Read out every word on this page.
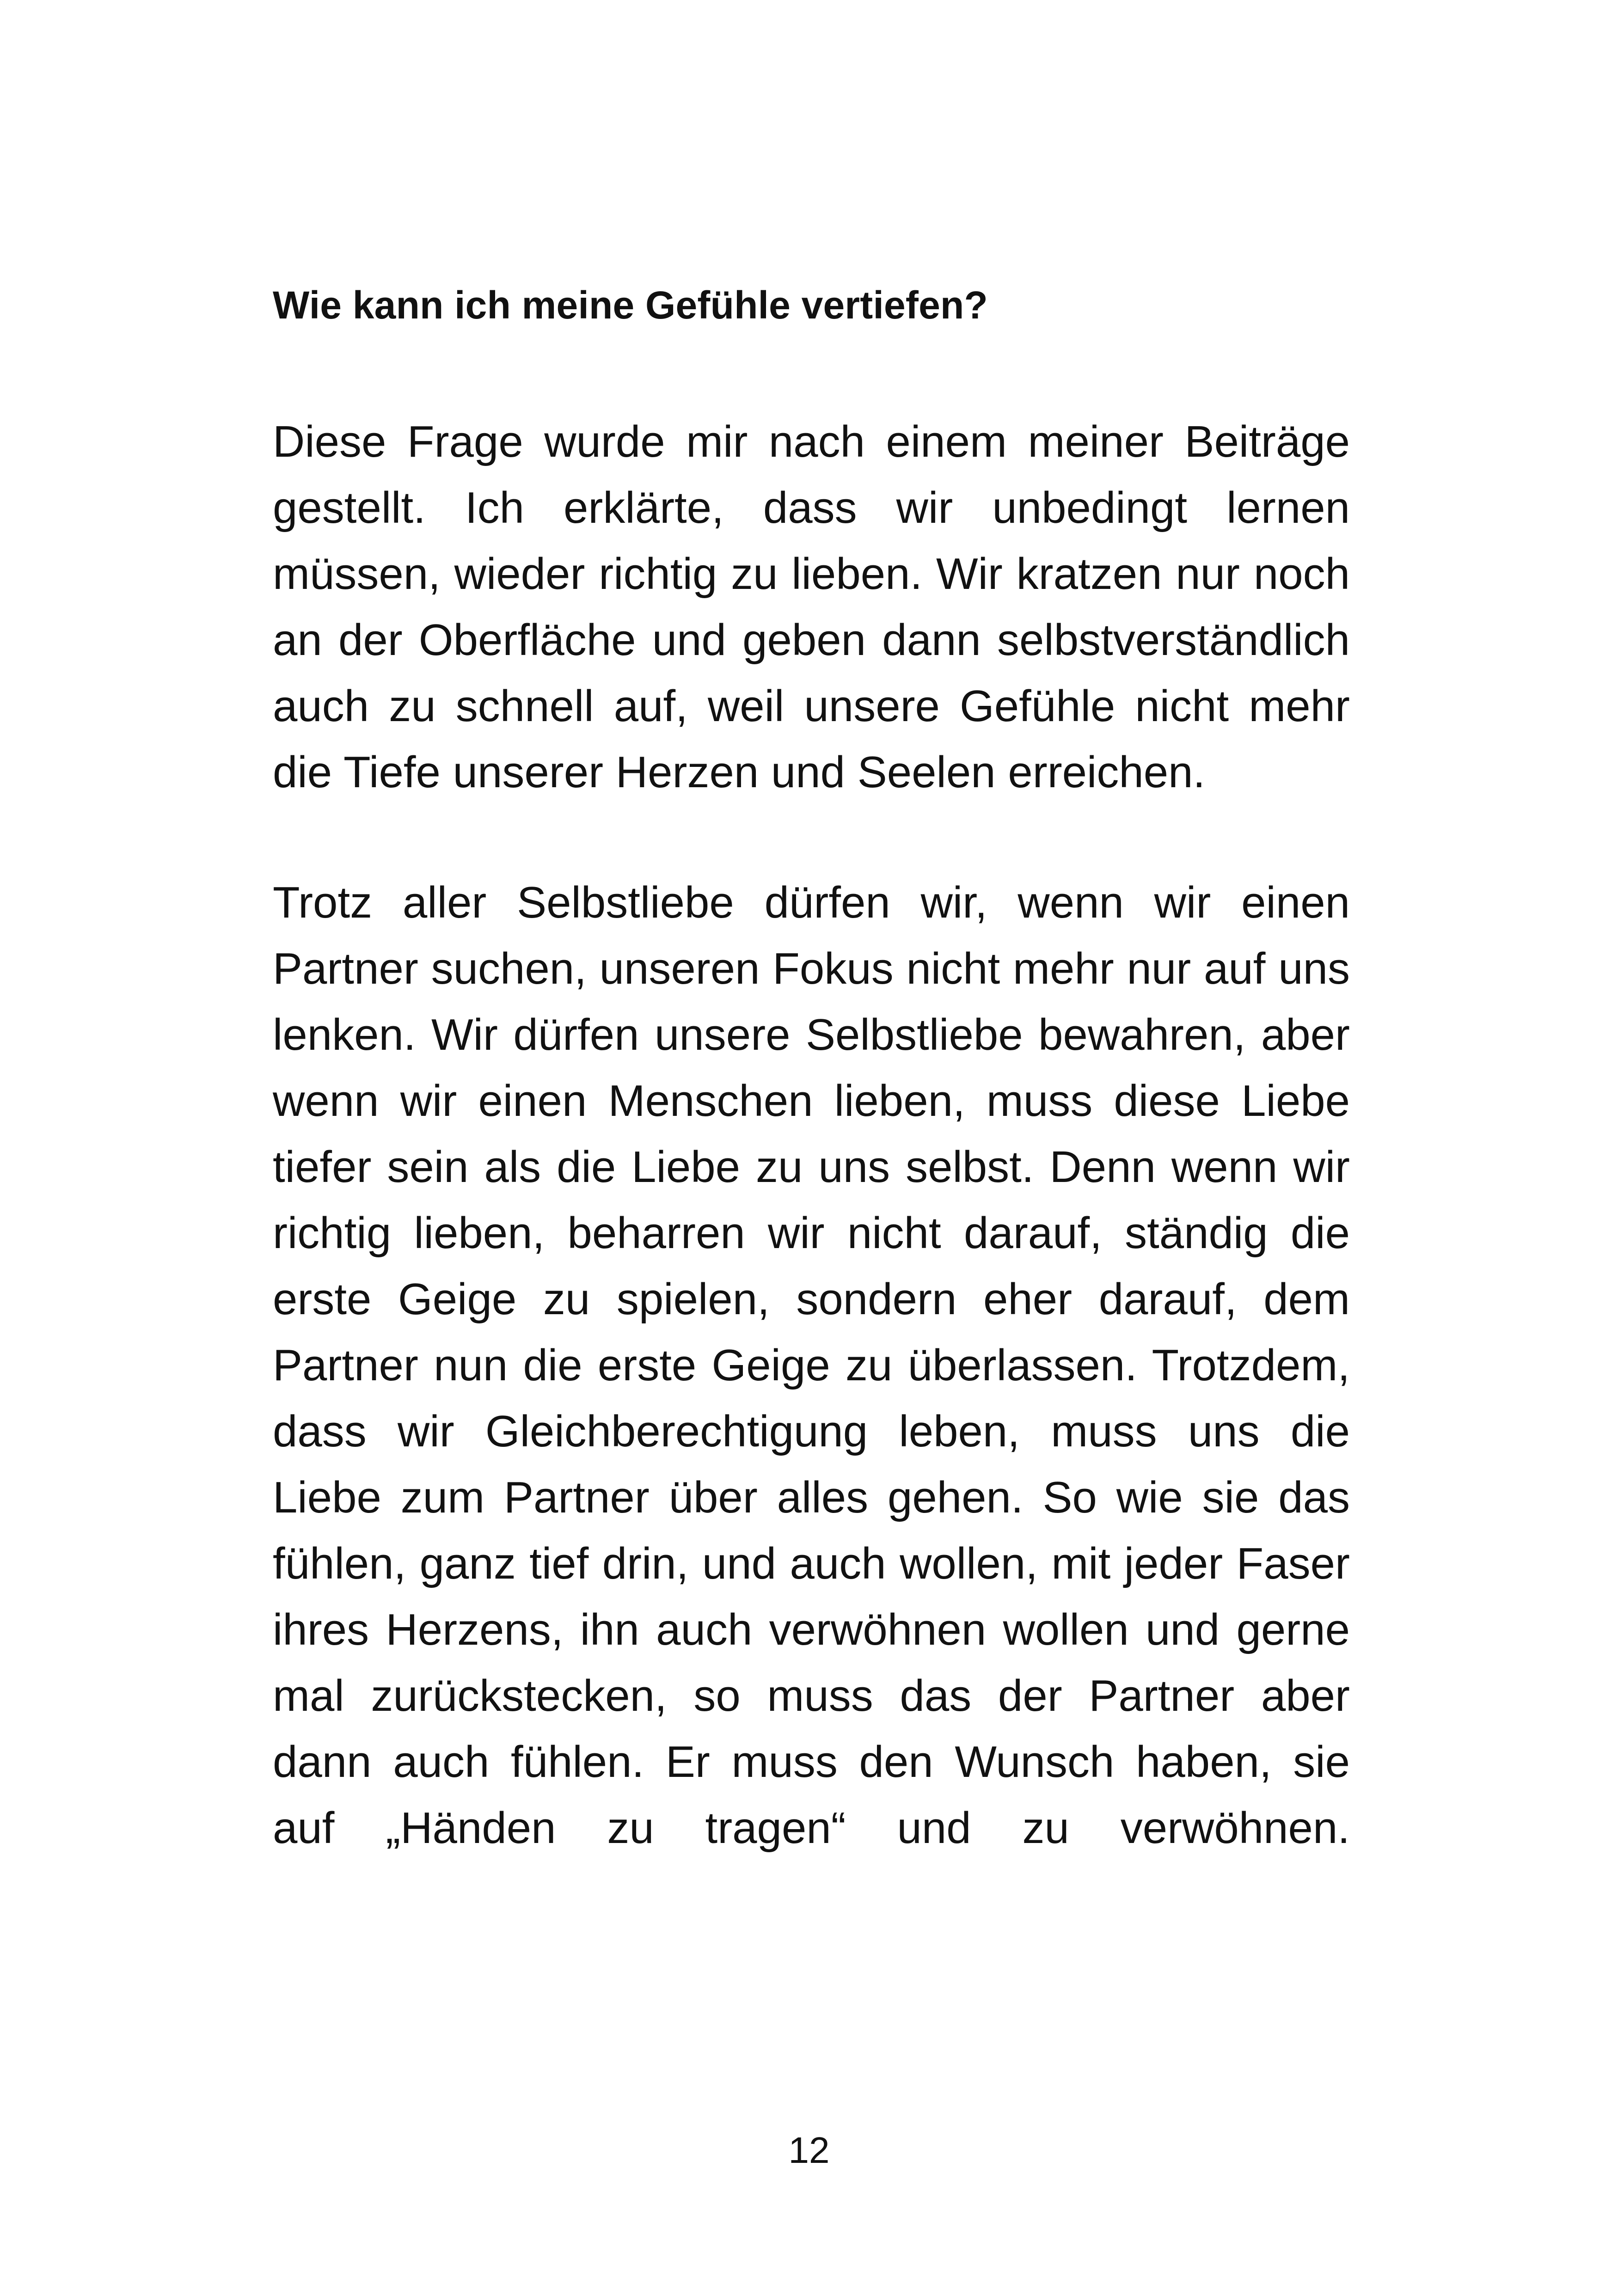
Wie kann ich meine Gefühle vertiefen?

Diese Frage wurde mir nach einem meiner Beiträge gestellt. Ich erklärte, dass wir unbedingt lernen müssen, wieder richtig zu lieben. Wir kratzen nur noch an der Oberfläche und geben dann selbstverständlich auch zu schnell auf, weil unsere Gefühle nicht mehr die Tiefe unserer Herzen und Seelen erreichen.

Trotz aller Selbstliebe dürfen wir, wenn wir einen Partner suchen, unseren Fokus nicht mehr nur auf uns lenken. Wir dürfen unsere Selbstliebe bewahren, aber wenn wir einen Menschen lieben, muss diese Liebe tiefer sein als die Liebe zu uns selbst. Denn wenn wir richtig lieben, beharren wir nicht darauf, ständig die erste Geige zu spielen, sondern eher darauf, dem Partner nun die erste Geige zu überlassen. Trotzdem, dass wir Gleichberechtigung leben, muss uns die Liebe zum Partner über alles gehen. So wie sie das fühlen, ganz tief drin, und auch wollen, mit jeder Faser ihres Herzens, ihn auch verwöhnen wollen und gerne mal zurückstecken, so muss das der Partner aber dann auch fühlen. Er muss den Wunsch haben, sie auf „Händen zu tragen“ und zu verwöhnen.

12
